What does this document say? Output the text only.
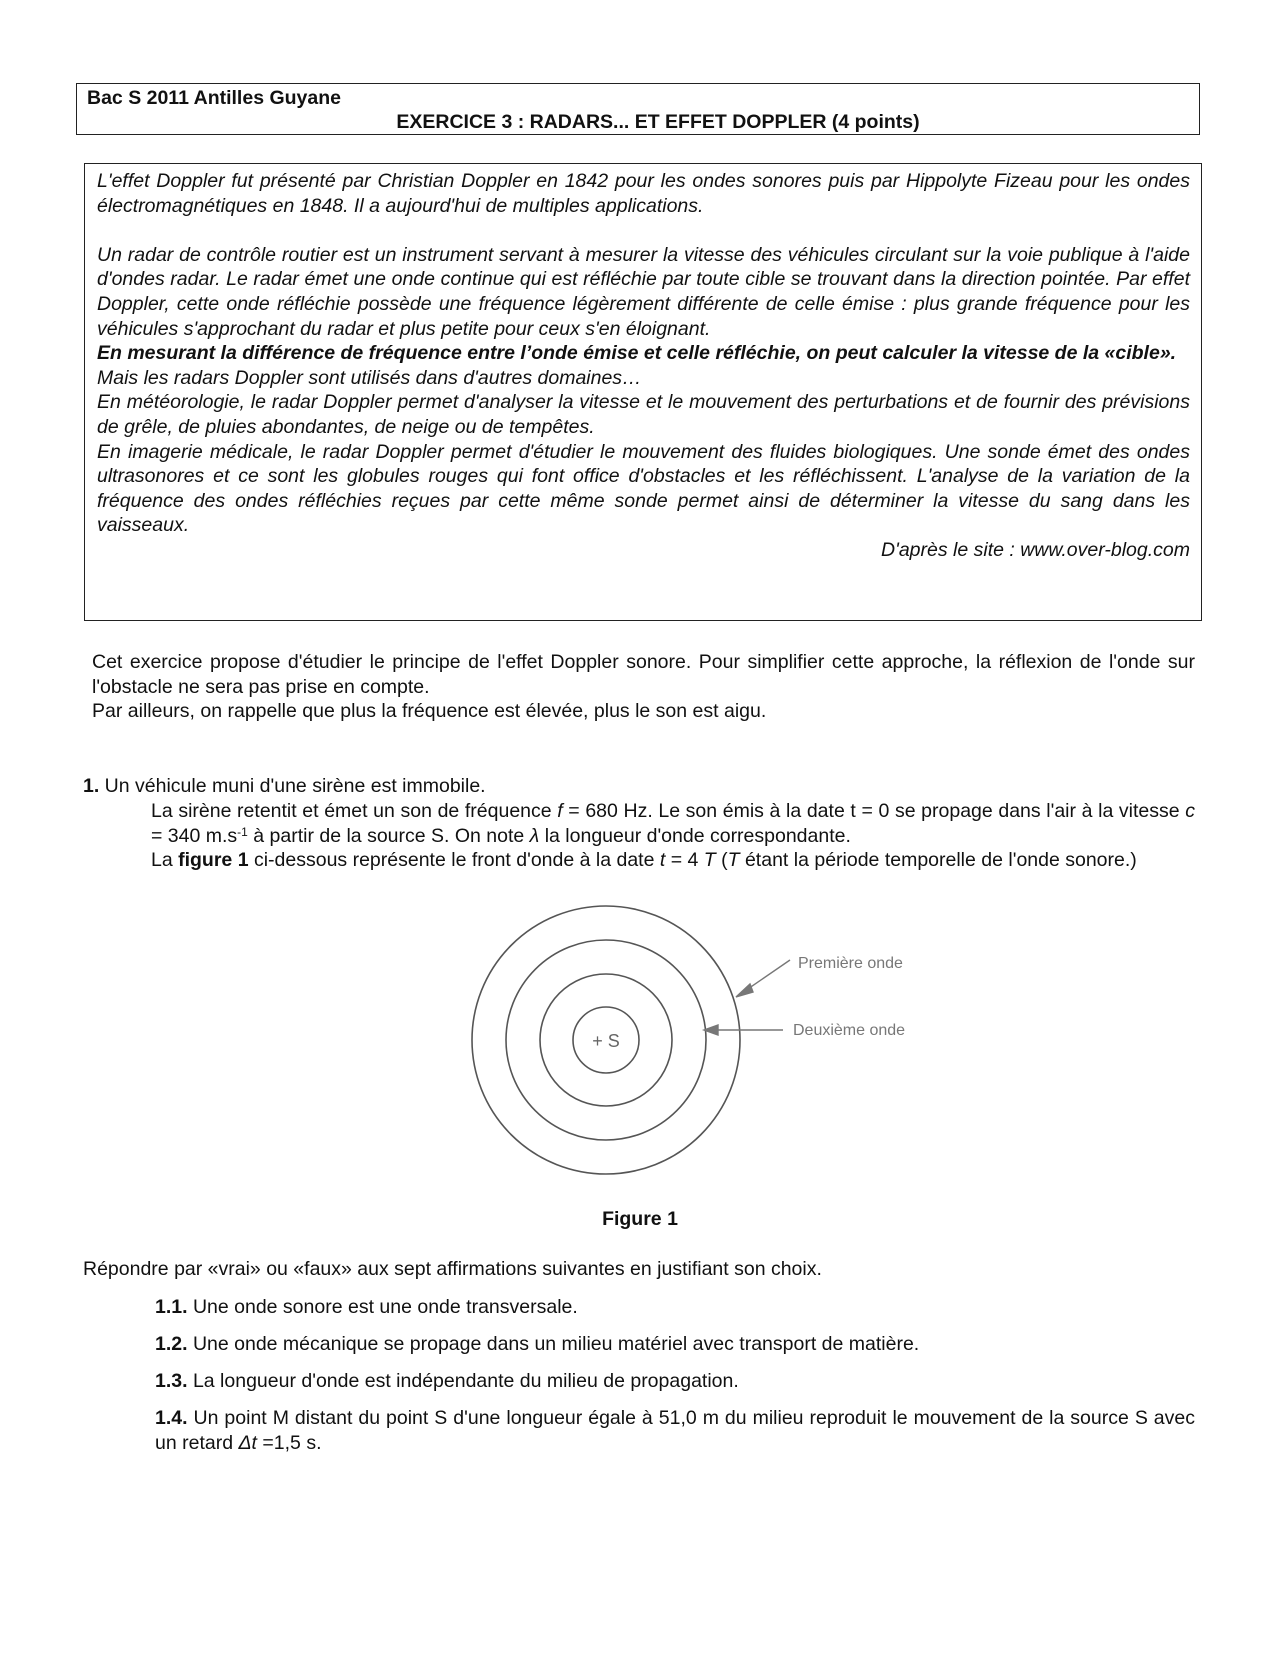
Bac S 2011 Antilles Guyane

EXERCICE 3 : RADARS... ET EFFET DOPPLER (4 points)

L'effet Doppler fut présenté par Christian Doppler en 1842 pour les ondes sonores puis par Hippolyte Fizeau pour les ondes électromagnétiques en 1848. Il a aujourd'hui de multiples applications.

Un radar de contrôle routier est un instrument servant à mesurer la vitesse des véhicules circulant sur la voie publique à l'aide d'ondes radar. Le radar émet une onde continue qui est réfléchie par toute cible se trouvant dans la direction pointée. Par effet Doppler, cette onde réfléchie possède une fréquence légèrement différente de celle émise : plus grande fréquence pour les véhicules s'approchant du radar et plus petite pour ceux s'en éloignant.

En mesurant la différence de fréquence entre l’onde émise et celle réfléchie, on peut calculer la vitesse de la «cible».

Mais les radars Doppler sont utilisés dans d'autres domaines…

En météorologie, le radar Doppler permet d'analyser la vitesse et le mouvement des perturbations et de fournir des prévisions de grêle, de pluies abondantes, de neige ou de tempêtes.

En imagerie médicale, le radar Doppler permet d'étudier le mouvement des fluides biologiques. Une sonde émet des ondes ultrasonores et ce sont les globules rouges qui font office d'obstacles et les réfléchissent. L'analyse de la variation de la fréquence des ondes réfléchies reçues par cette même sonde permet ainsi de déterminer la vitesse du sang dans les vaisseaux.

D'après le site : www.over-blog.com

Cet exercice propose d'étudier le principe de l'effet Doppler sonore. Pour simplifier cette approche, la réflexion de l'onde sur l'obstacle ne sera pas prise en compte.

Par ailleurs, on rappelle que plus la fréquence est élevée, plus le son est aigu.

1. Un véhicule muni d'une sirène est immobile.

La sirène retentit et émet un son de fréquence f = 680 Hz. Le son émis à la date t = 0 se propage dans l'air à la vitesse c = 340 $m.s^{-1}$ à partir de la source S. On note λ la longueur d'onde correspondante.

La figure 1 ci-dessous représente le front d'onde à la date t = 4 T (T étant la période temporelle de l'onde sonore.)

+ S
Première onde
Deuxième onde
Figure 1
Répondre par «vrai» ou «faux» aux sept affirmations suivantes en justifiant son choix.
1.1. Une onde sonore est une onde transversale.
1.2. Une onde mécanique se propage dans un milieu matériel avec transport de matière.
1.3. La longueur d'onde est indépendante du milieu de propagation.
1.4. Un point M distant du point S d'une longueur égale à 51,0 m du milieu reproduit le mouvement de la source S avec un retard Δt =1,5 s.
